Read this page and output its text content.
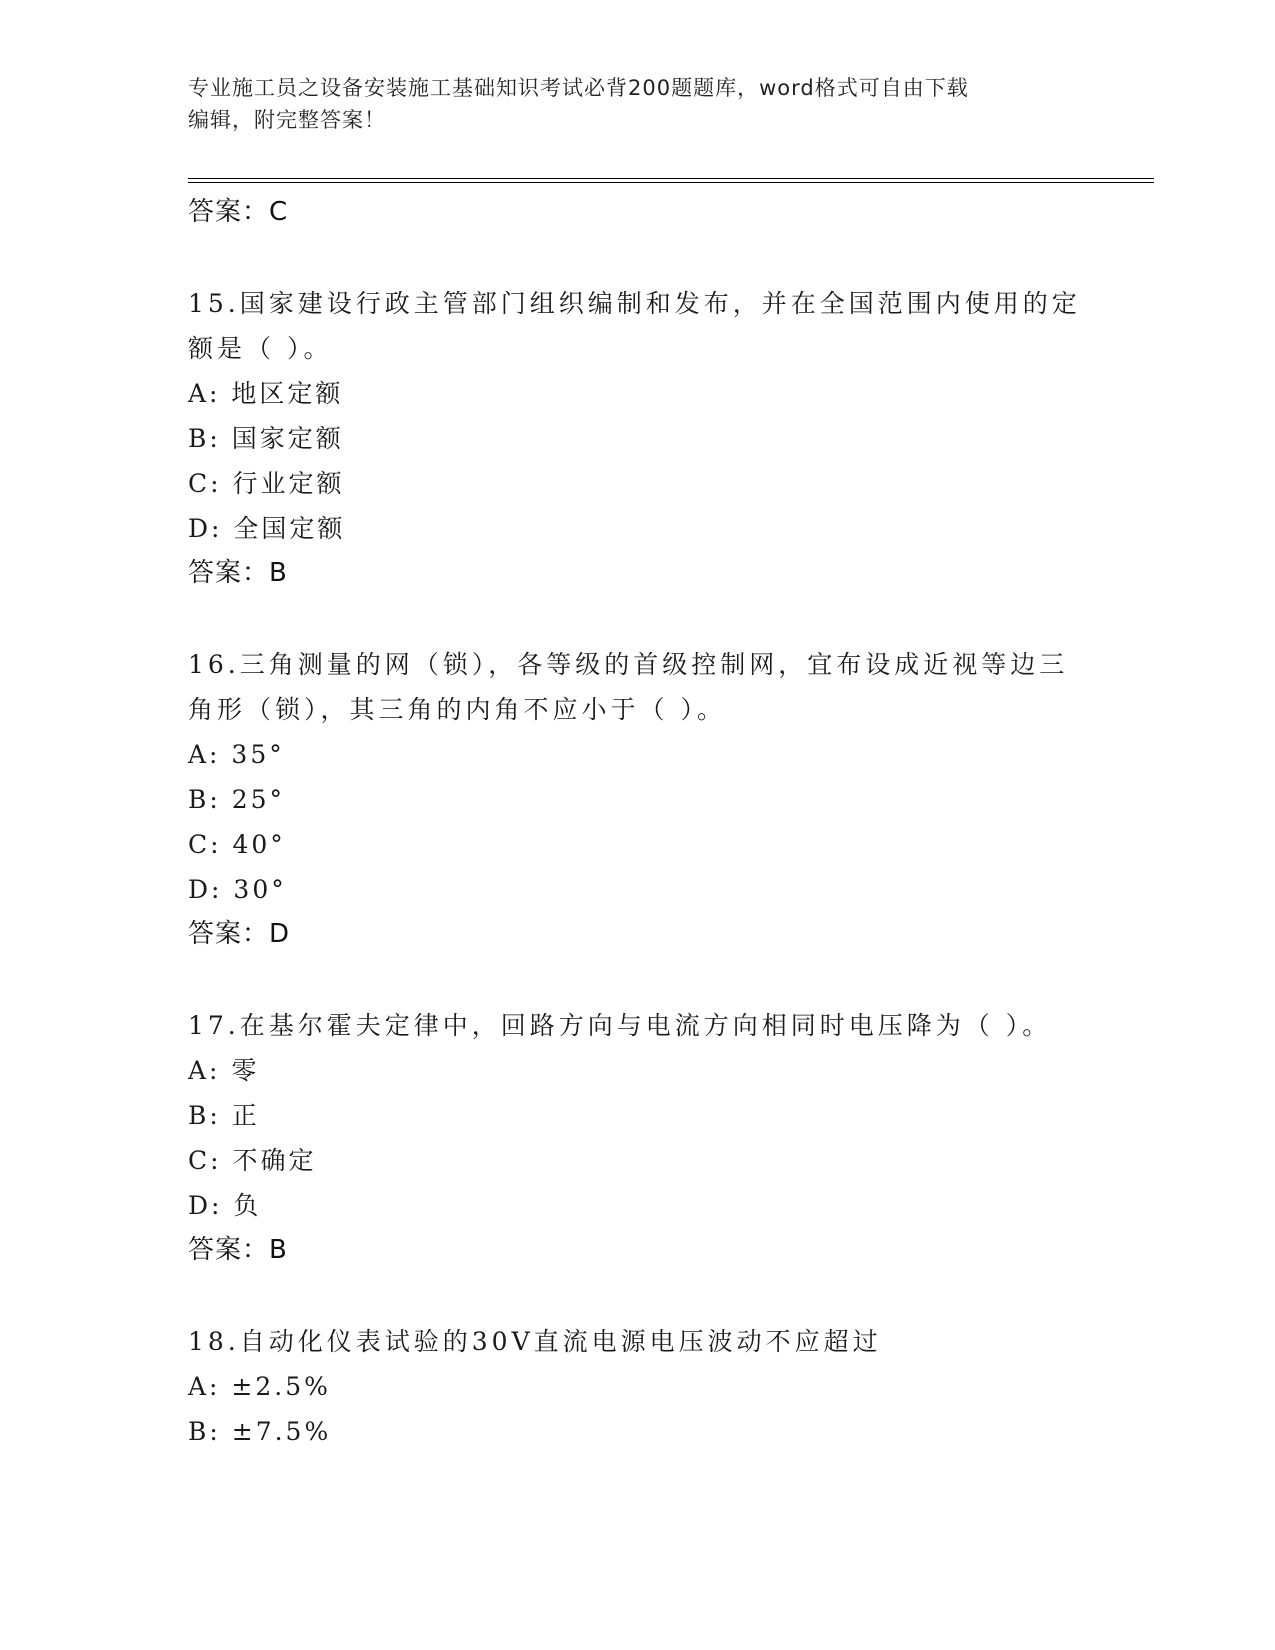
专业施工员之设备安装施工基础知识考试必背200题题库，word格式可自由下载
编辑，附完整答案！
答案：C
15.国家建设行政主管部门组织编制和发布，并在全国范围内使用的定
额是（ ）。
A: 地区定额
B: 国家定额
C: 行业定额
D: 全国定额
答案：B
16.三角测量的网（锁），各等级的首级控制网，宜布设成近视等边三
角形（锁），其三角的内角不应小于（ ）。
A: 35°
B: 25°
C: 40°
D: 30°
答案：D
17.在基尔霍夫定律中，回路方向与电流方向相同时电压降为（ ）。
A: 零
B: 正
C: 不确定
D: 负
答案：B
18.自动化仪表试验的30V直流电源电压波动不应超过
A: ±2.5%
B: ±7.5%
